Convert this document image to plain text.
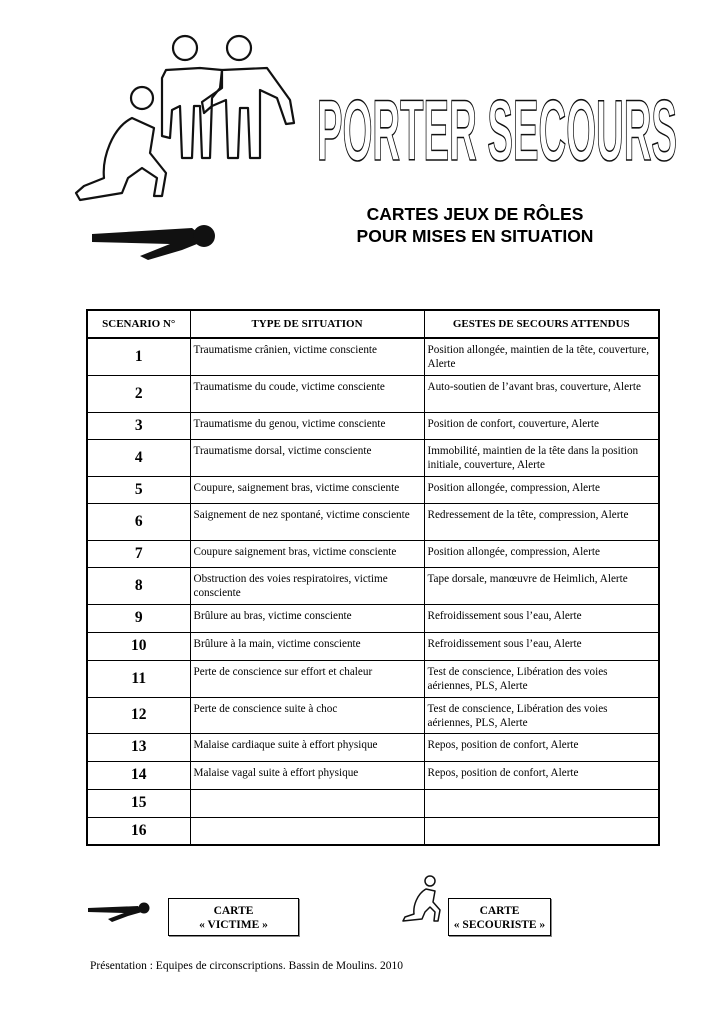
PORTER SECOURS
CARTES JEUX DE RÔLES
POUR MISES EN SITUATION
SCENARIO N°	TYPE DE SITUATION	GESTES DE SECOURS ATTENDUS
1	Traumatisme crânien, victime consciente	Position allongée, maintien de la tête, couverture, Alerte
2	Traumatisme du coude, victime consciente	Auto-soutien de l’avant bras, couverture, Alerte
3	Traumatisme du genou, victime consciente	Position de confort, couverture, Alerte
4	Traumatisme dorsal, victime consciente	Immobilité, maintien de la tête dans la position initiale, couverture, Alerte
5	Coupure, saignement bras, victime consciente	Position allongée, compression, Alerte
6	Saignement de nez spontané, victime consciente	Redressement de la tête, compression, Alerte
7	Coupure saignement bras, victime consciente	Position allongée, compression, Alerte
8	Obstruction des voies respiratoires, victime consciente	Tape dorsale, manœuvre de Heimlich, Alerte
9	Brûlure au bras, victime consciente	Refroidissement sous l’eau, Alerte
10	Brûlure à la main, victime consciente	Refroidissement sous l’eau, Alerte
11	Perte de conscience sur effort et chaleur	Test de conscience, Libération des voies aériennes, PLS, Alerte
12	Perte de conscience suite à choc	Test de conscience, Libération des voies aériennes, PLS, Alerte
13	Malaise cardiaque suite à effort physique	Repos, position de confort, Alerte
14	Malaise vagal suite à effort physique	Repos, position de confort, Alerte
15		
16		
CARTE
« VICTIME »
CARTE
« SECOURISTE »
Présentation : Equipes de circonscriptions. Bassin de Moulins. 2010
